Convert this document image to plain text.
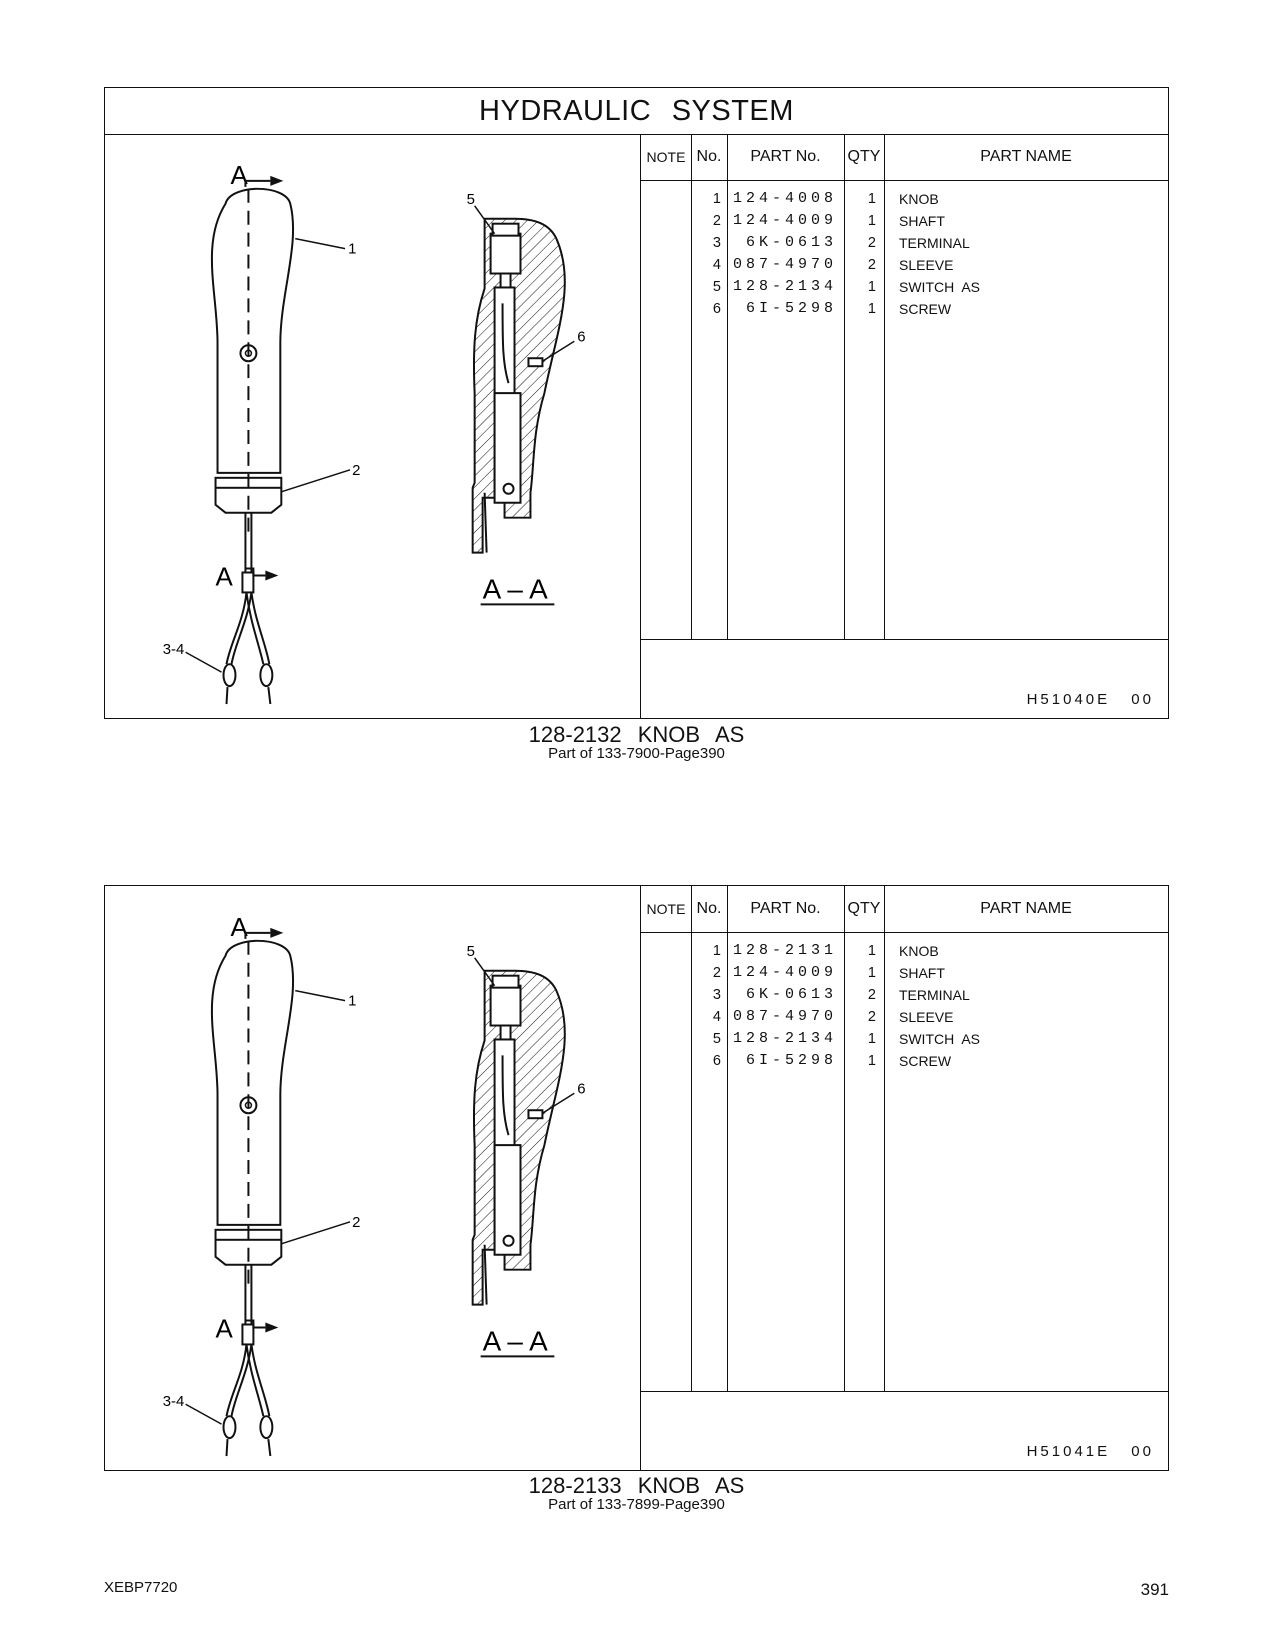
HYDRAULIC SYSTEM
A
A
1
2
3-4
5
6
A – A
NOTE No.	PART No.	QTY	PART NAME
1 124-4008	1 KNOB
2 124-4009	1 SHAFT
3	6K-0613	2 TERMINAL
4 087-4970	2 SLEEVE
5 128-2134	1 SWITCH AS
6	6I-5298	1 SCREW
H51040E 00
128-2132 KNOB AS
Part of 133-7900-Page390
A
A
1
2
3-4
5
6
A – A
NOTE No.	PART No.	QTY	PART NAME
1 128-2131	1 KNOB
2 124-4009	1 SHAFT
3	6K-0613	2 TERMINAL
4 087-4970	2 SLEEVE
5 128-2134	1 SWITCH AS
6	6I-5298	1 SCREW
H51041E 00
128-2133 KNOB AS
Part of 133-7899-Page390
XEBP7720	391
